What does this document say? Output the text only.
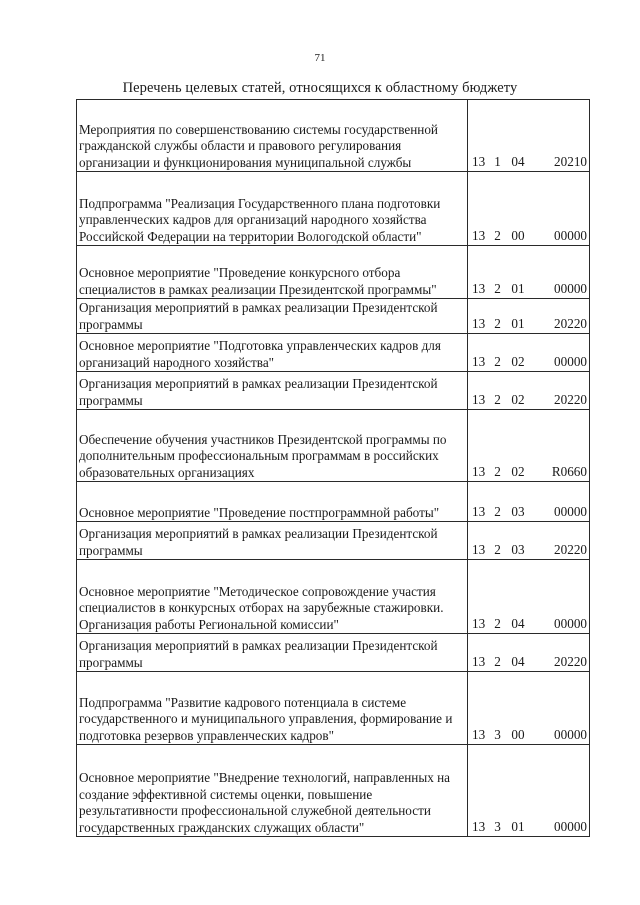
71
Перечень целевых статей, относящихся к областному бюджету
Мероприятия по совершенствованию системы государственной гражданской службы области и правового регулирования организации и функционирования муниципальной службы	13 1 04 20210
Подпрограмма "Реализация Государственного плана подготовки управленческих кадров для организаций народного хозяйства Российской Федерации на территории Вологодской области"	13 2 00 00000
Основное мероприятие "Проведение конкурсного отбора специалистов в рамках реализации Президентской программы"	13 2 01 00000
Организация мероприятий в рамках реализации Президентской программы	13 2 01 20220
Основное мероприятие "Подготовка управленческих кадров для организаций народного хозяйства"	13 2 02 00000
Организация мероприятий в рамках реализации Президентской программы	13 2 02 20220
Обеспечение обучения участников Президентской программы по дополнительным профессиональным программам в российских образовательных организациях	13 2 02 R0660
Основное мероприятие "Проведение постпрограммной работы"	13 2 03 00000
Организация мероприятий в рамках реализации Президентской программы	13 2 03 20220
Основное мероприятие "Методическое сопровождение участия специалистов в конкурсных отборах на зарубежные стажировки. Организация работы Региональной комиссии"	13 2 04 00000
Организация мероприятий в рамках реализации Президентской программы	13 2 04 20220
Подпрограмма "Развитие кадрового потенциала в системе государственного и муниципального управления, формирование и подготовка резервов управленческих кадров"	13 3 00 00000
Основное мероприятие "Внедрение технологий, направленных на создание эффективной системы оценки, повышение результативности профессиональной служебной деятельности государственных гражданских служащих области"	13 3 01 00000
